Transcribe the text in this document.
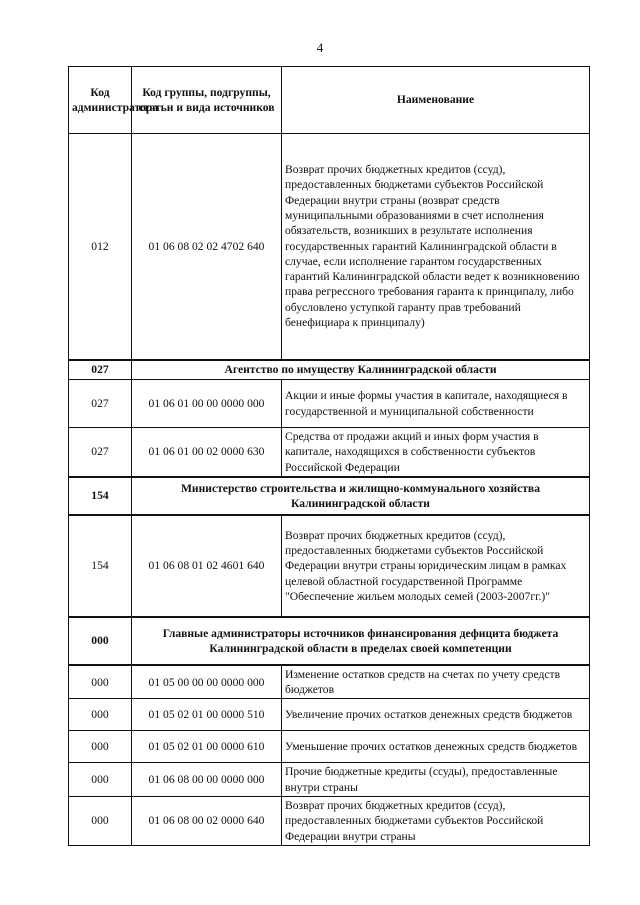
4
Код администратора	Код группы, подгруппы, статьи и вида источников	Наименование
012	01 06 08 02 02 4702 640	Возврат прочих бюджетных кредитов (ссуд), предоставленных бюджетами субъектов Российской Федерации внутри страны (возврат средств муниципальными образованиями в счет исполнения обязательств, возникших в результате исполнения государственных гарантий Калининградской области в случае, если исполнение гарантом государственных гарантий Калининградской области ведет к возникновению права регрессного требования гаранта к принципалу, либо обусловлено уступкой гаранту прав требований бенефициара к принципалу)
027	Агентство по имуществу Калининградской области	
027	01 06 01 00 00 0000 000	Акции и иные формы участия в капитале, находящиеся в государственной и муниципальной собственности
027	01 06 01 00 02 0000 630	Средства от продажи акций и иных форм участия в капитале, находящихся в собственности субъектов Российской Федерации
154	Министерство строительства и жилищно-коммунального хозяйства Калининградской области	
154	01 06 08 01 02 4601 640	Возврат прочих бюджетных кредитов (ссуд), предоставленных бюджетами субъектов Российской Федерации внутри страны юридическим лицам в рамках целевой областной государственной Программе "Обеспечение жильем молодых семей (2003-2007гг.)"
000	Главные администраторы источников финансирования дефицита бюджета Калининградской области в пределах своей компетенции	
000	01 05 00 00 00 0000 000	Изменение остатков средств на счетах по учету средств бюджетов
000	01 05 02 01 00 0000 510	Увеличение прочих остатков денежных средств бюджетов
000	01 05 02 01 00 0000 610	Уменьшение прочих остатков денежных средств бюджетов
000	01 06 08 00 00 0000 000	Прочие бюджетные кредиты (ссуды), предоставленные внутри страны
000	01 06 08 00 02 0000 640	Возврат прочих бюджетных кредитов (ссуд), предоставленных бюджетами субъектов Российской Федерации внутри страны
